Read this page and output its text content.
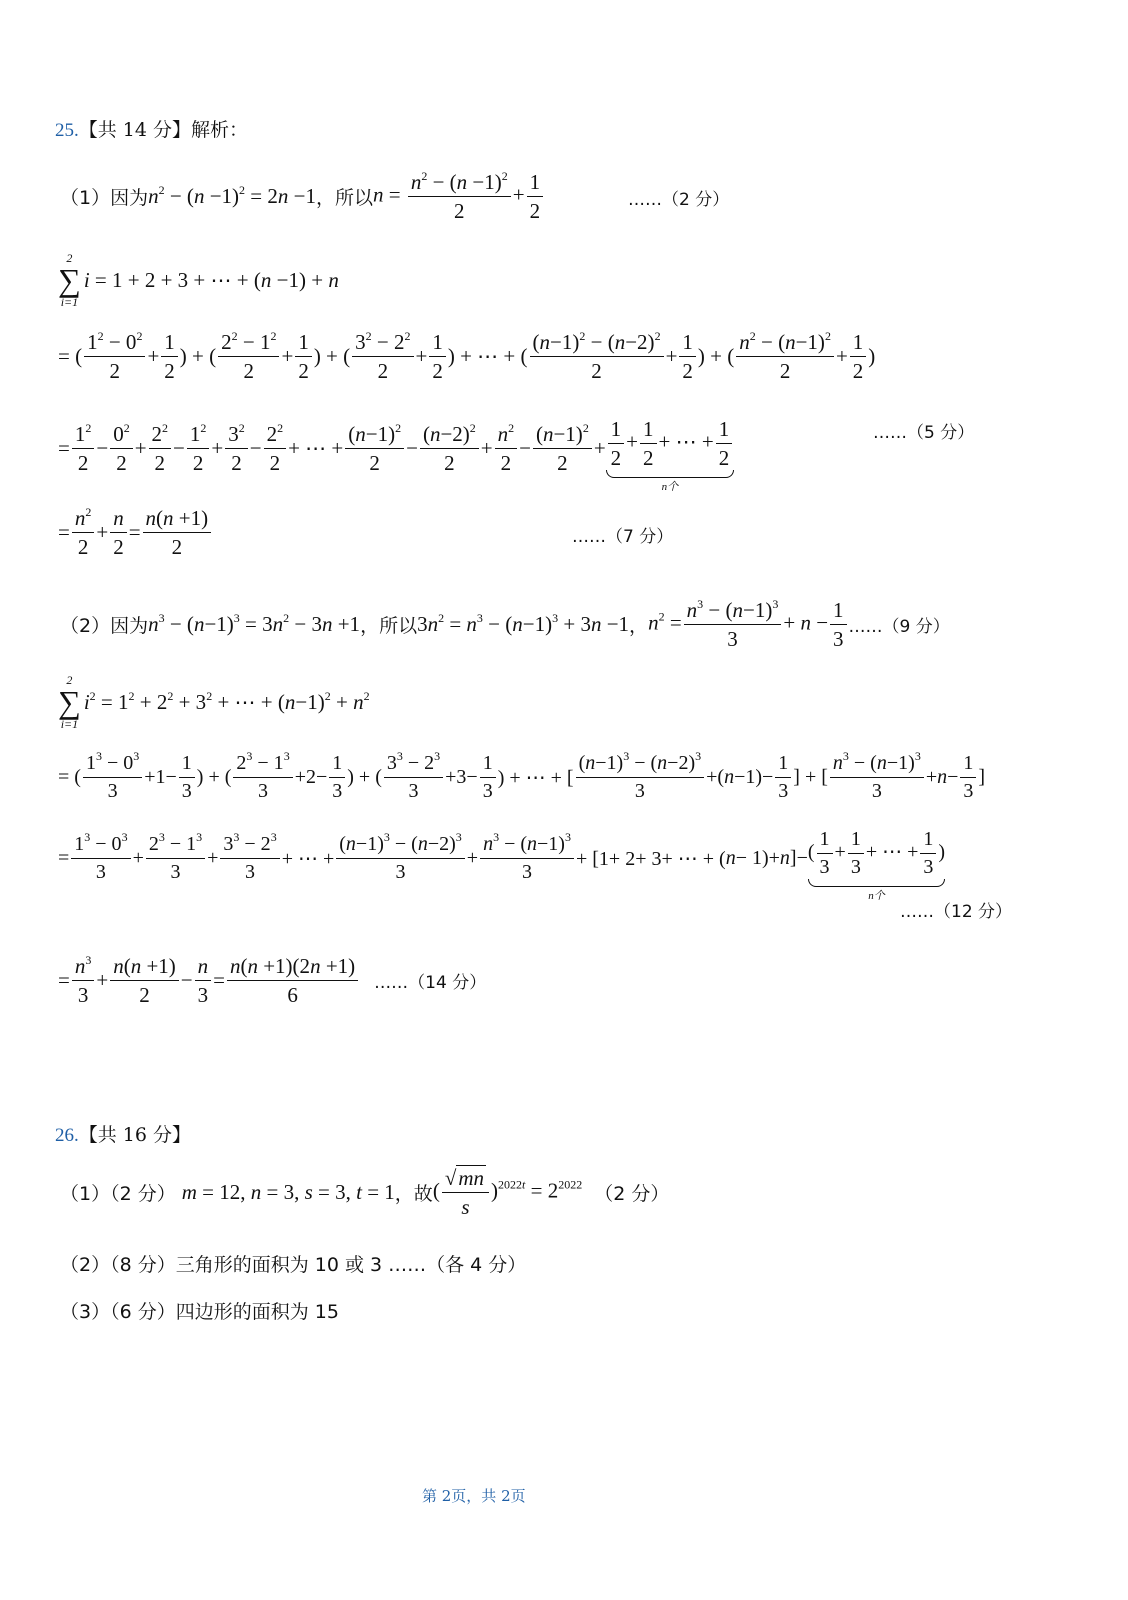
25.【共 14 分】解析：
（1）因为 $n^2 - (n -1)^2 = 2n -1$ ，所以 $n = \frac{n^2 - (n -1)^2}{2} + \frac{1}{2}$	……（2 分）
2
∑
i=1
i = 1 + 2 + 3 + ⋯ + (n −1) + n
= ( $\frac{1^2 - 0^2}{2} + \frac{1}{2}$ ) + ( $\frac{2^2 - 1^2}{2} + \frac{1}{2}$ ) + ( $\frac{3^2 - 2^2}{2} + \frac{1}{2}$ ) + ⋯ + ( $\frac{(n-1)^2 - (n-2)^2}{2} + \frac{1}{2}$ ) + ( $\frac{n^2 - (n-1)^2}{2} + \frac{1}{2}$ )
= $\frac{1^2}{2} - \frac{0^2}{2} + \frac{2^2}{2} - \frac{1^2}{2} + \frac{3^2}{2} - \frac{2^2}{2}$ + ⋯ + $\frac{(n-1)^2}{2} - \frac{(n-2)^2}{2} + \frac{n^2}{2} - \frac{(n-1)^2}{2} + \frac{1}{2} + \frac{1}{2}$ + ⋯ + $\frac{1}{2}$
n个
……（5 分）
= $\frac{n^2}{2} + \frac{n}{2} = \frac{n(n +1)}{2}$	……（7 分）
（2）因为 $n^3 - (n-1)^3 = 3n^2 - 3n +1$ ，所以 $3n^2 = n^3 - (n-1)^3 + 3n -1$ ， $n^2 = \frac{n^3 - (n-1)^3}{3} + n - \frac{1}{3}$ ……（9 分）
2
∑
i=1
$i^2 = 1^2 + 2^2 + 3^2$ + ⋯ + $(n-1)^2 + n^2$
= ( $\frac{1^3 - 0^3}{3} +1- \frac{1}{3}$ ) + ( $\frac{2^3 - 1^3}{3} +2- \frac{1}{3}$ ) + ( $\frac{3^3 - 2^3}{3} +3- \frac{1}{3}$ ) + ⋯ + [ $\frac{(n-1)^3 - (n-2)^3}{3}$ +( $n -1)- \frac{1}{3}$ ] + [ $\frac{n^3 - (n-1)^3}{3} + n - \frac{1}{3}$ ]
= $\frac{1^3 - 0^3}{3} + \frac{2^3 - 1^3}{3} + \frac{3^3 - 2^3}{3}$ + ⋯ + $\frac{(n-1)^3 - (n-2)^3}{3} + \frac{n^3 - (n-1)^3}{3} + [1+ 2+ 3+$ ⋯ + ( n − 1)+ n ]− ( $\frac{1}{3} + \frac{1}{3}$ + ⋯ + $\frac{1}{3}$ )
n个
……（12 分）
= $\frac{n^3}{3} + \frac{n(n +1)}{2} - \frac{n}{3} = \frac{n(n +1)(2n +1)}{6}$ ……（14 分）
26.【共 16 分】
（1）（2 分） m = 12, n = 3, s = 3, t = 1 ，故 ( $\frac{√mn}{s} )^{2022t} = 2^{2022}$ （2 分）
（2）（8 分）三角形的面积为 10 或 3 ……（各 4 分）
（3）（6 分）四边形的面积为 15
第 2页，共 2页
